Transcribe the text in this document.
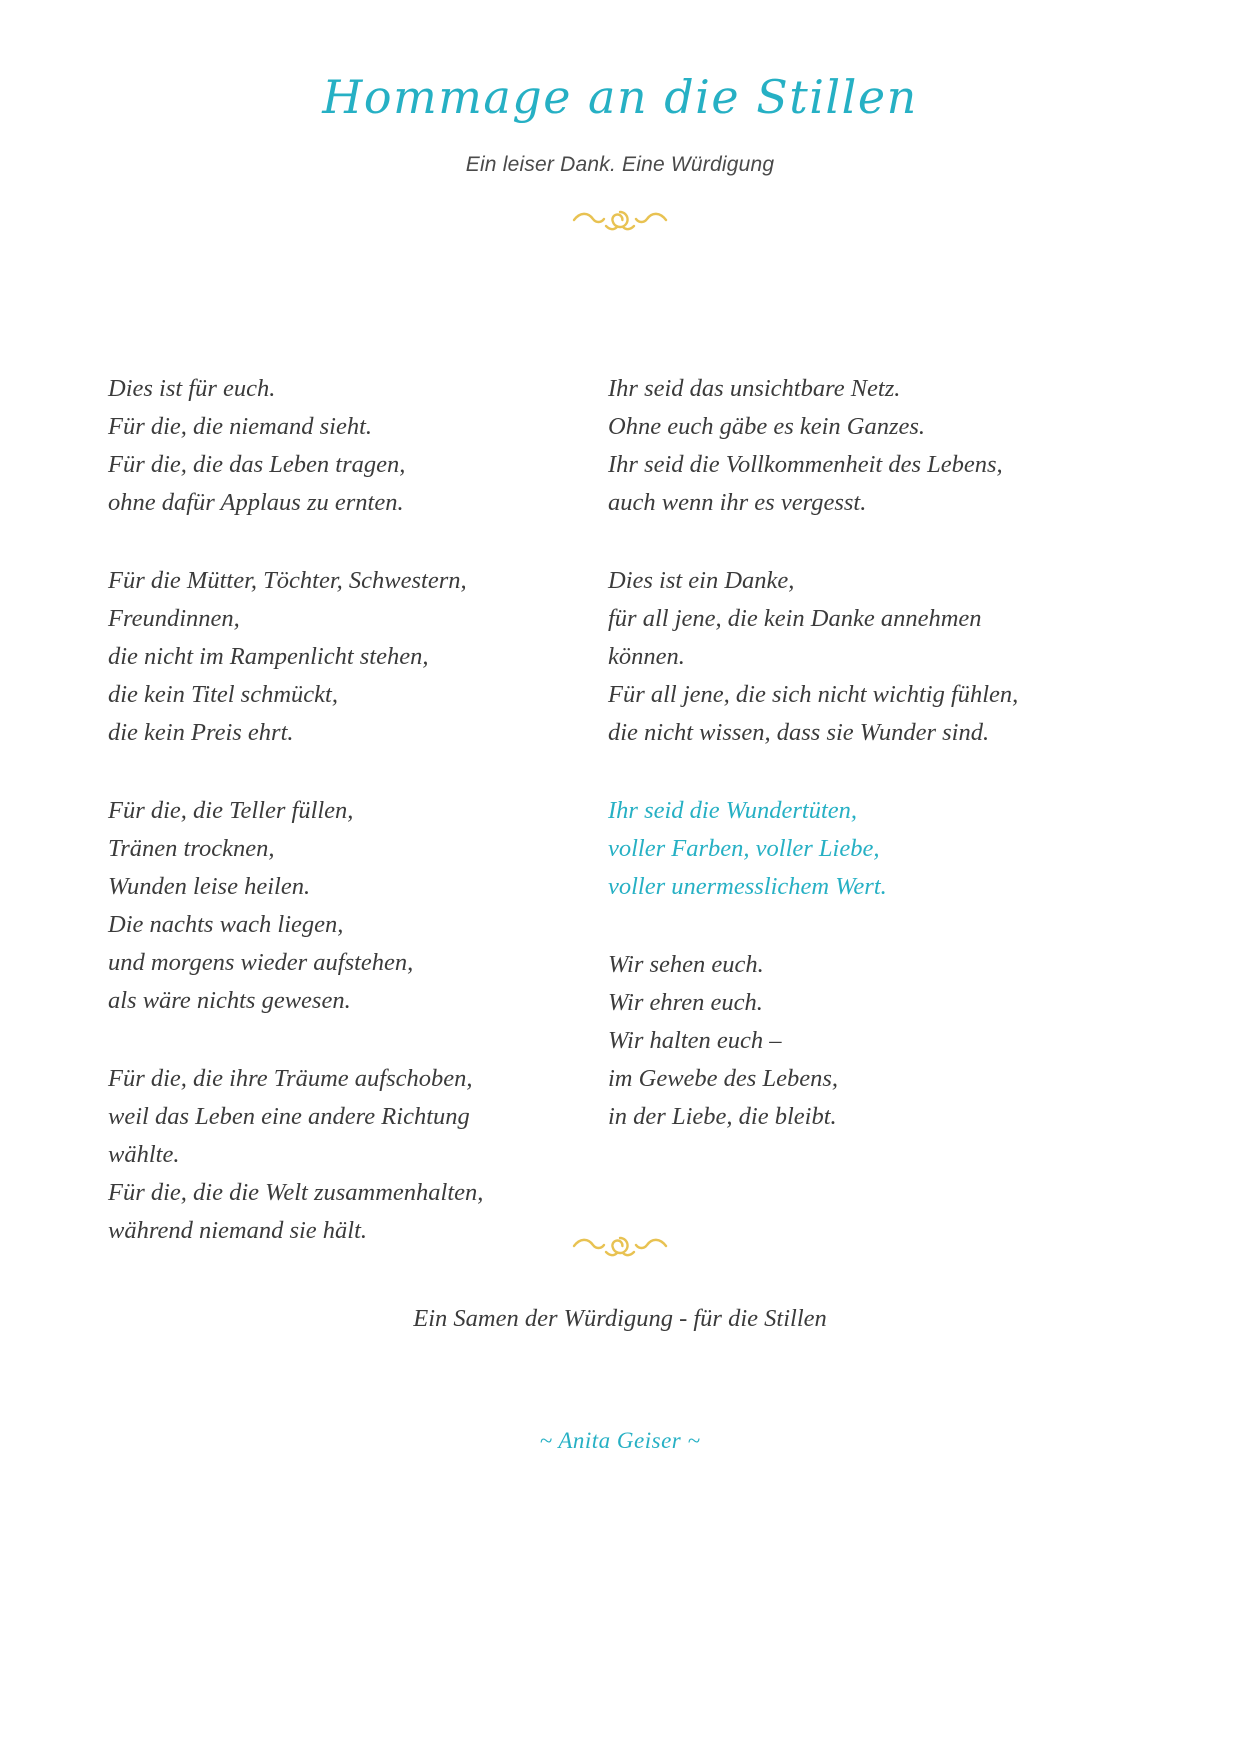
Hommage an die Stillen
Ein leiser Dank. Eine Würdigung
Dies ist für euch.
Für die, die niemand sieht.
Für die, die das Leben tragen,
ohne dafür Applaus zu ernten.
Für die Mütter, Töchter, Schwestern,
Freundinnen,
die nicht im Rampenlicht stehen,
die kein Titel schmückt,
die kein Preis ehrt.
Für die, die Teller füllen,
Tränen trocknen,
Wunden leise heilen.
Die nachts wach liegen,
und morgens wieder aufstehen,
als wäre nichts gewesen.
Für die, die ihre Träume aufschoben,
weil das Leben eine andere Richtung
wählte.
Für die, die die Welt zusammenhalten,
während niemand sie hält.
Ihr seid das unsichtbare Netz.
Ohne euch gäbe es kein Ganzes.
Ihr seid die Vollkommenheit des Lebens,
auch wenn ihr es vergesst.
Dies ist ein Danke,
für all jene, die kein Danke annehmen
können.
Für all jene, die sich nicht wichtig fühlen,
die nicht wissen, dass sie Wunder sind.
Ihr seid die Wundertüten,
voller Farben, voller Liebe,
voller unermesslichem Wert.
Wir sehen euch.
Wir ehren euch.
Wir halten euch –
im Gewebe des Lebens,
in der Liebe, die bleibt.
Ein Samen der Würdigung - für die Stillen
~ Anita Geiser ~
